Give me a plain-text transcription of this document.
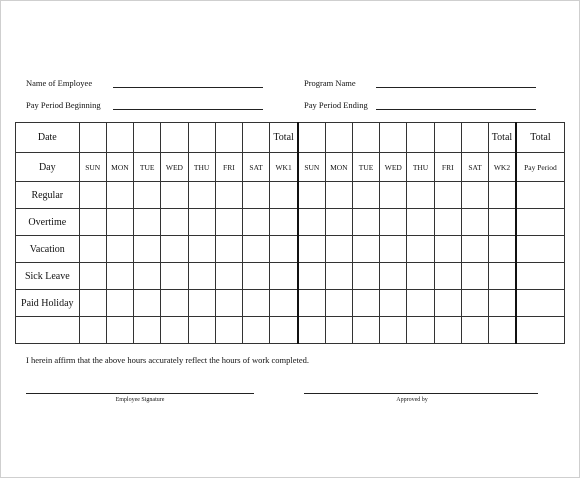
Name of Employee	Program Name
Pay Period Beginning	Pay Period Ending
Date								Total								Total	Total
Day	SUN	MON	TUE	WED	THU	FRI	SAT	WK1	SUN	MON	TUE	WED	THU	FRI	SAT	WK2	Pay Period
Regular																	
Overtime																	
Vacation																	
Sick Leave																	
Paid Holiday																	

I herein affirm that the above hours accurately reflect the hours of work completed.
Employee Signature	Approved by
